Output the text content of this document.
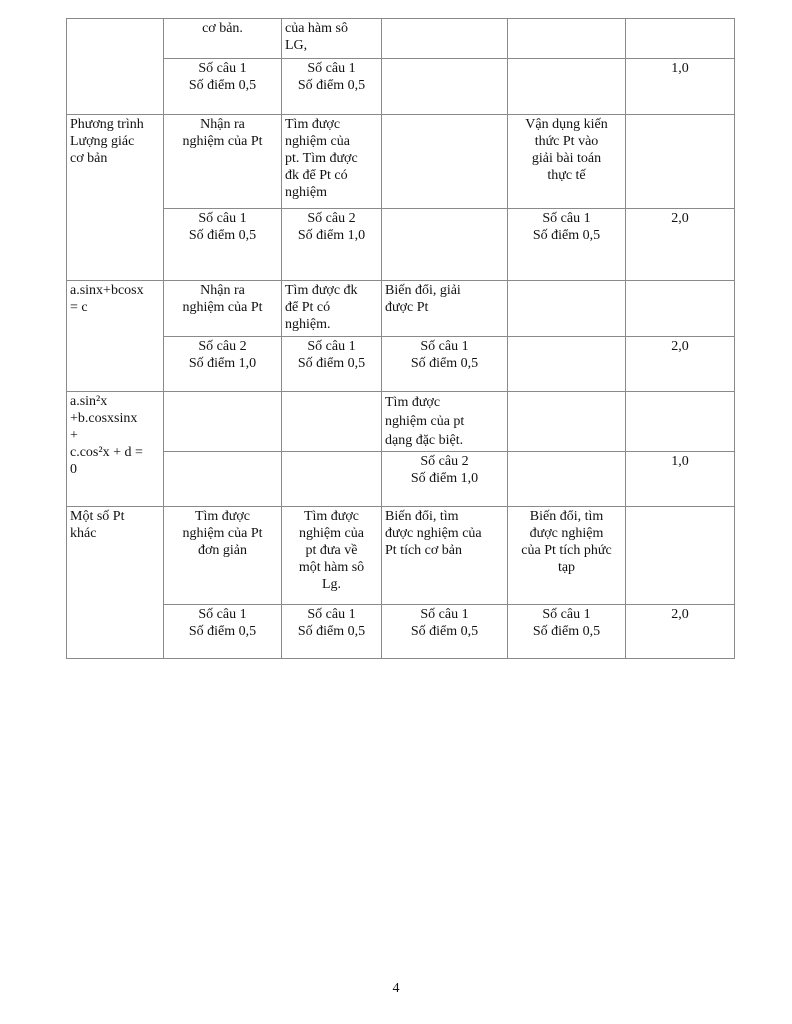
	cơ bản.	của hàm sô
LG,			

	Số câu 1
Số điểm 0,5	Số câu 1
Số điểm 0,5			1,0

Phương trình
Lượng giác
cơ bản	Nhận ra
nghiệm của Pt	Tìm được
nghiệm của
pt. Tìm được
đk để Pt có
nghiệm		Vận dụng kiến
thức Pt vào
giải bài toán
thực tế	

	Số câu 1
Số điểm 0,5	Số câu 2
Số điểm 1,0		Số câu 1
Số điểm 0,5	2,0

a.sinx+bcosx
= c	Nhận ra
nghiệm của Pt	Tìm được đk
để Pt có
nghiệm.	Biến đổi, giải
được Pt		

	Số câu 2
Số điểm 1,0	Số câu 1
Số điểm 0,5	Số câu 1
Số điểm 0,5		2,0

a.sin²x
+b.cosxsinx
+
c.cos²x + d =
0			Tìm được
nghiệm của pt
dạng đặc biệt.		

			Số câu 2
Số điểm 1,0		1,0

Một số Pt
khác	Tìm được
nghiệm của Pt
đơn giản	Tìm được
nghiệm của
pt đưa về
một hàm sô
Lg.	Biến đổi, tìm
được nghiệm của
Pt tích cơ bản	Biến đổi, tìm
được nghiệm
của Pt tích phức
tạp	

	Số câu 1
Số điểm 0,5	Số câu 1
Số điểm 0,5	Số câu 1
Số điểm 0,5	Số câu 1
Số điểm 0,5	2,0
4
